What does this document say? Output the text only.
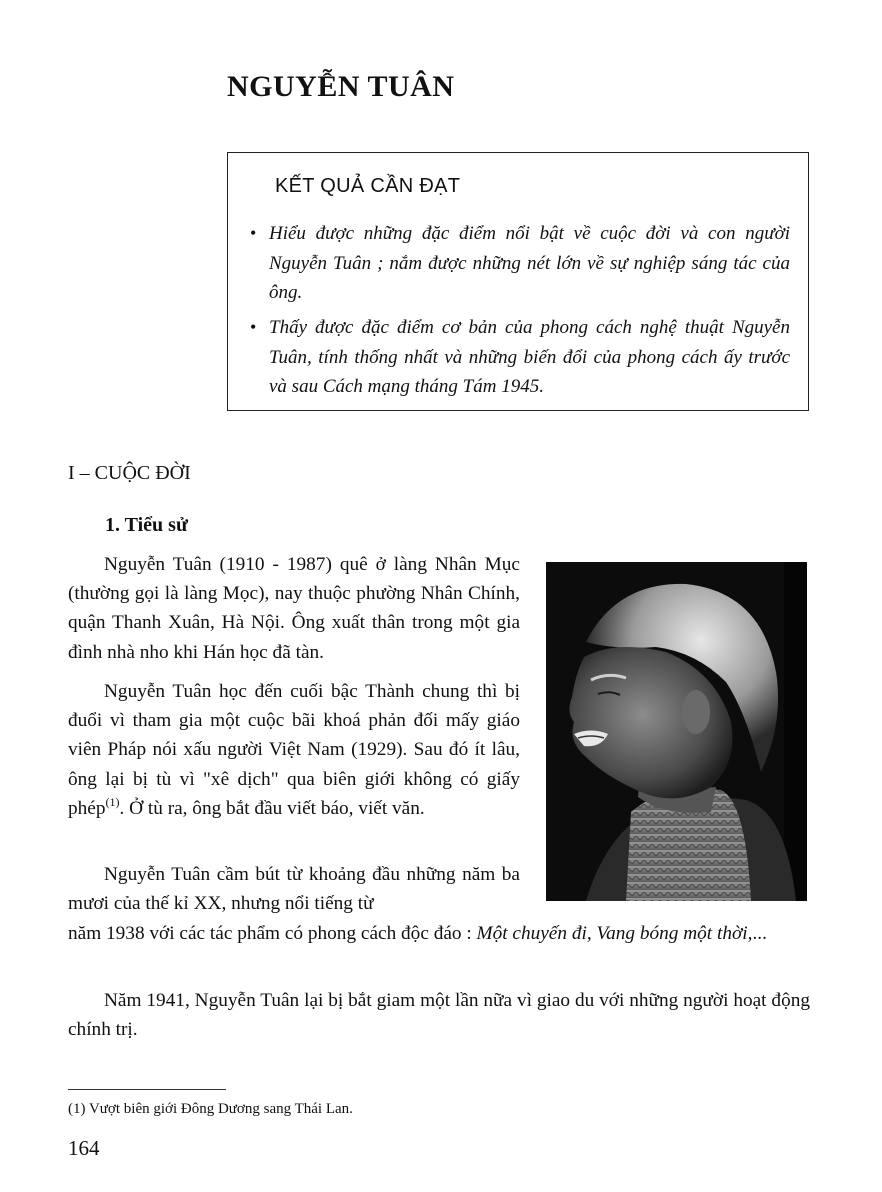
NGUYỄN TUÂN
KẾT QUẢ CẦN ĐẠT
• Hiểu được những đặc điểm nổi bật về cuộc đời và con người Nguyễn Tuân ; nắm được những nét lớn về sự nghiệp sáng tác của ông.
• Thấy được đặc điểm cơ bản của phong cách nghệ thuật Nguyễn Tuân, tính thống nhất và những biến đổi của phong cách ấy trước và sau Cách mạng tháng Tám 1945.
I – CUỘC ĐỜI
1. Tiểu sử
Nguyễn Tuân (1910 - 1987) quê ở làng Nhân Mục (thường gọi là làng Mọc), nay thuộc phường Nhân Chính, quận Thanh Xuân, Hà Nội. Ông xuất thân trong một gia đình nhà nho khi Hán học đã tàn.
Nguyễn Tuân học đến cuối bậc Thành chung thì bị đuổi vì tham gia một cuộc bãi khoá phản đối mấy giáo viên Pháp nói xấu người Việt Nam (1929). Sau đó ít lâu, ông lại bị tù vì "xê dịch" qua biên giới không có giấy phép$^{(1)}$. Ở tù ra, ông bắt đầu viết báo, viết văn.
Nguyễn Tuân cầm bút từ khoảng đầu những năm ba mươi của thế kỉ XX, nhưng nổi tiếng từ
năm 1938 với các tác phẩm có phong cách độc đáo : Một chuyến đi, Vang bóng một thời,...
Năm 1941, Nguyễn Tuân lại bị bắt giam một lần nữa vì giao du với những người hoạt động chính trị.
(1) Vượt biên giới Đông Dương sang Thái Lan.
164
